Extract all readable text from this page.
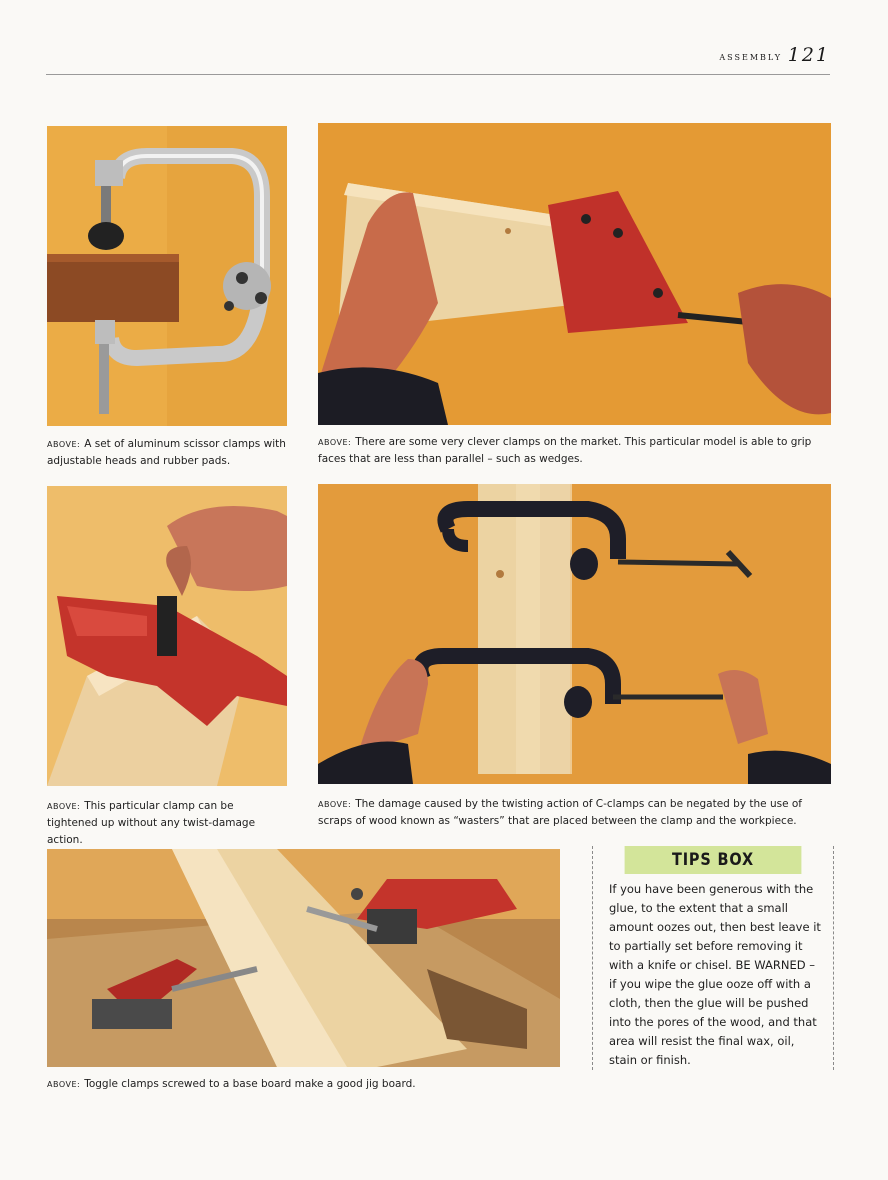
ASSEMBLY 121
ABOVE: A set of aluminum scissor clamps with adjustable heads and rubber pads.
ABOVE: There are some very clever clamps on the market. This particular model is able to grip faces that are less than parallel – such as wedges.
ABOVE: This particular clamp can be tightened up without any twist-damage action.
ABOVE: The damage caused by the twisting action of C-clamps can be negated by the use of scraps of wood known as “wasters” that are placed between the clamp and the workpiece.
ABOVE: Toggle clamps screwed to a base board make a good jig board.
TIPS BOX
If you have been generous with the glue, to the extent that a small amount oozes out, then best leave it to partially set before removing it with a knife or chisel. BE WARNED – if you wipe the glue ooze off with a cloth, then the glue will be pushed into the pores of the wood, and that area will resist the final wax, oil, stain or finish.
